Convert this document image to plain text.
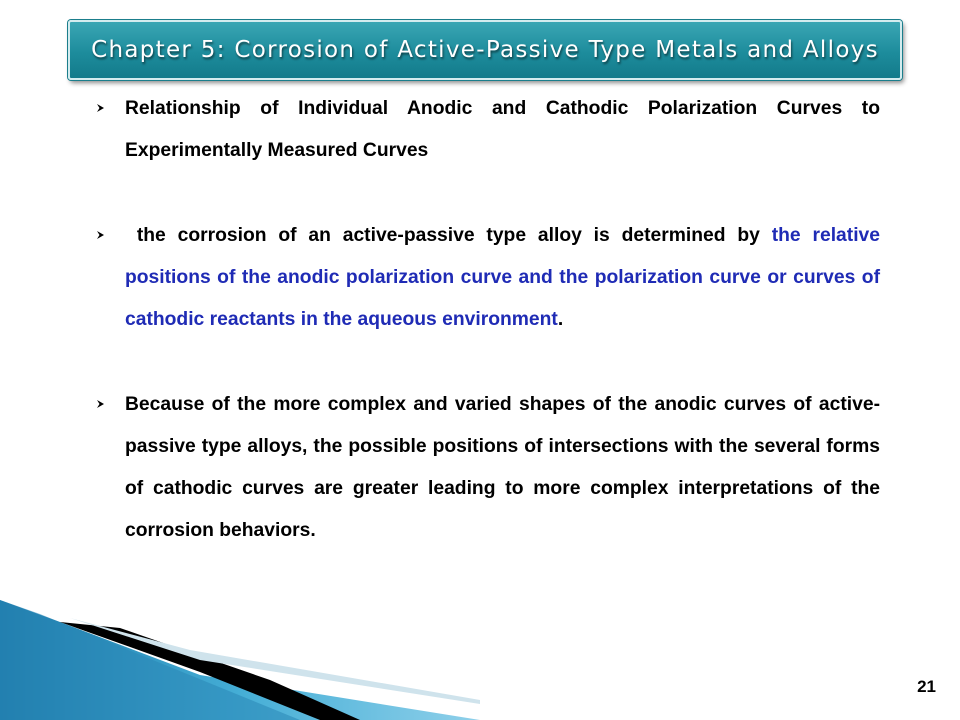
Chapter 5: Corrosion of Active-Passive Type Metals and Alloys

Relationship of Individual Anodic and Cathodic Polarization Curves to Experimentally Measured Curves

the corrosion of an active-passive type alloy is determined by the relative positions of the anodic polarization curve and the polarization curve or curves of cathodic reactants in the aqueous environment.

Because of the more complex and varied shapes of the anodic curves of active-passive type alloys, the possible positions of intersections with the several forms of cathodic curves are greater leading to more complex interpretations of the corrosion behaviors.

21
